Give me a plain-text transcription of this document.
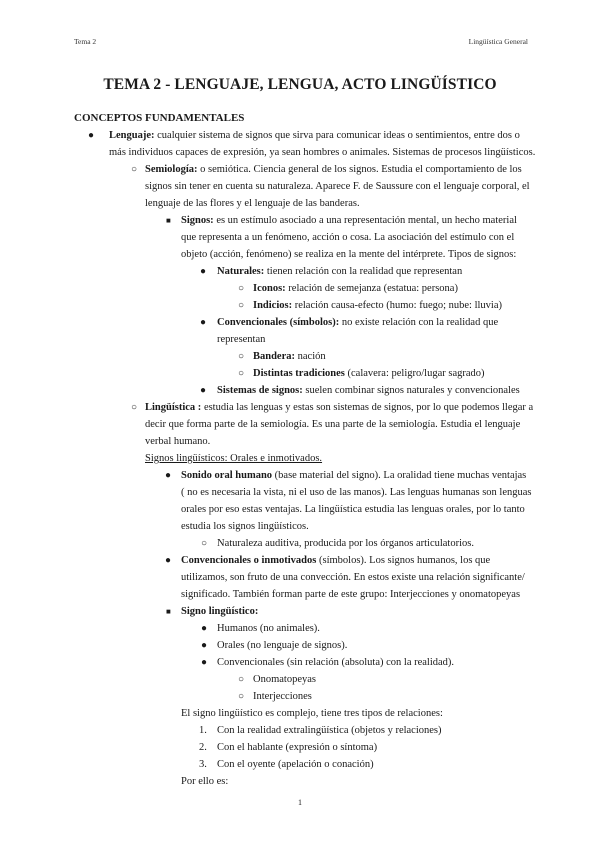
Tema 2	Lingüística General
TEMA 2 - LENGUAJE, LENGUA, ACTO LINGÜÍSTICO
CONCEPTOS FUNDAMENTALES
● Lenguaje: cualquier sistema de signos que sirva para comunicar ideas o sentimientos, entre dos o
más individuos capaces de expresión, ya sean hombres o animales. Sistemas de procesos lingüísticos.
○ Semiología: o semiótica. Ciencia general de los signos. Estudia el comportamiento de los
signos sin tener en cuenta su naturaleza. Aparece F. de Saussure con el lenguaje corporal, el
lenguaje de las flores y el lenguaje de las banderas.
■ Signos: es un estímulo asociado a una representación mental, un hecho material
que representa a un fenómeno, acción o cosa. La asociación del estímulo con el
objeto (acción, fenómeno) se realiza en la mente del intérprete. Tipos de signos:
● Naturales: tienen relación con la realidad que representan
○ Iconos: relación de semejanza (estatua: persona)
○ Indicios: relación causa-efecto (humo: fuego; nube: lluvia)
● Convencionales (símbolos): no existe relación con la realidad que
representan
○ Bandera: nación
○ Distintas tradiciones (calavera: peligro/lugar sagrado)
● Sistemas de signos: suelen combinar signos naturales y convencionales
○ Lingüística : estudia las lenguas y estas son sistemas de signos, por lo que podemos llegar a
decir que forma parte de la semiología. Es una parte de la semiología. Estudia el lenguaje
verbal humano.
Signos lingüísticos: Orales e inmotivados.
● Sonido oral humano (base material del signo). La oralidad tiene muchas ventajas
( no es necesaria la vista, ni el uso de las manos). Las lenguas humanas son lenguas
orales por eso estas ventajas. La lingüística estudia las lenguas orales, por lo tanto
estudia los signos lingüísticos.
○ Naturaleza auditiva, producida por los órganos articulatorios.
● Convencionales o inmotivados (símbolos). Los signos humanos, los que
utilizamos, son fruto de una convección. En estos existe una relación significante/
significado. También forman parte de este grupo: Interjecciones y onomatopeyas
■ Signo lingüístico:
● Humanos (no animales).
● Orales (no lenguaje de signos).
● Convencionales (sin relación (absoluta) con la realidad).
○ Onomatopeyas
○ Interjecciones
El signo lingüístico es complejo, tiene tres tipos de relaciones:
1. Con la realidad extralingüística (objetos y relaciones)
2. Con el hablante (expresión o síntoma)
3. Con el oyente (apelación o conación)
Por ello es:
1
